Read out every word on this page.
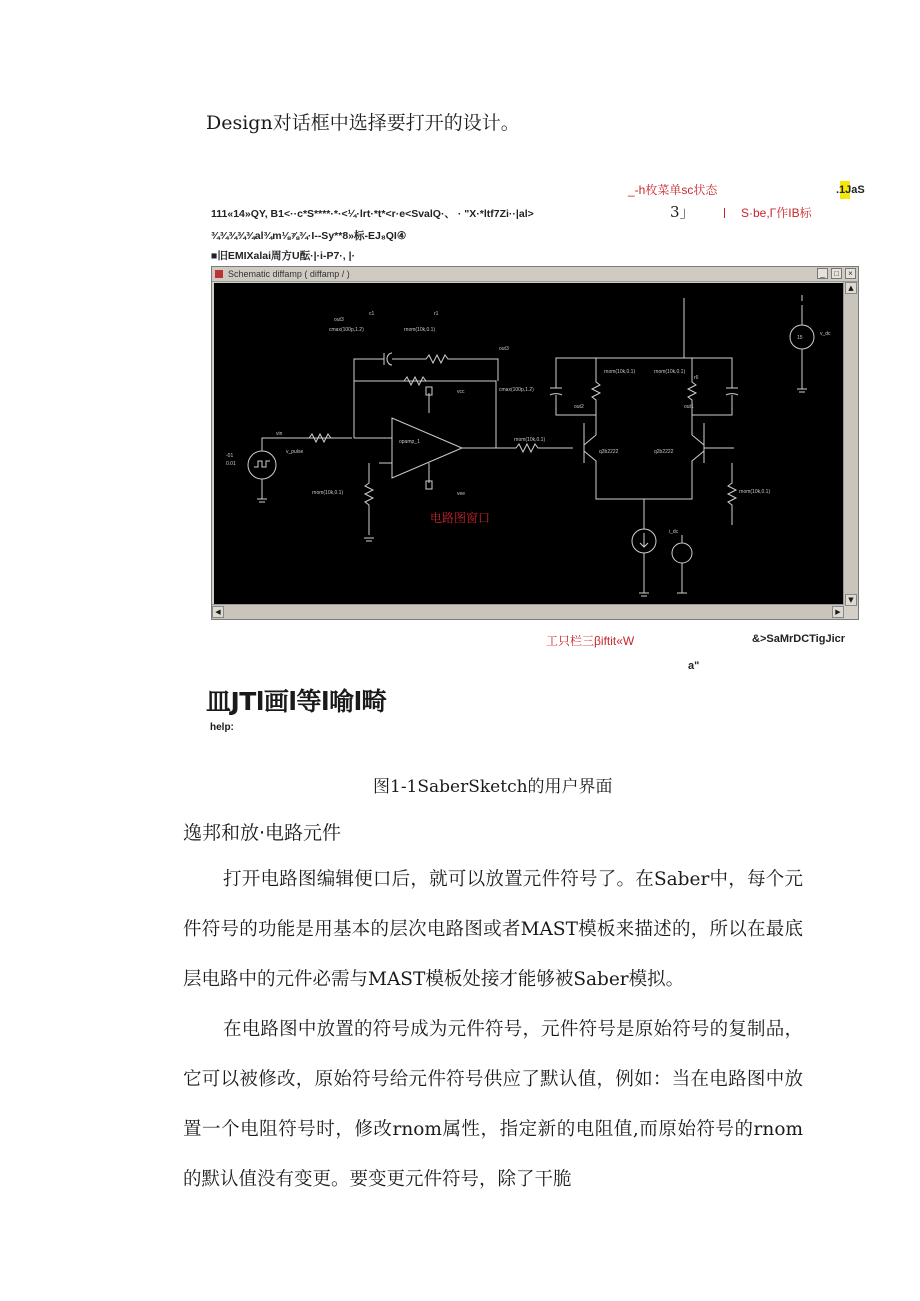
Design对话框中选择要打开的设计。
_-h枚菜单sc状态	.1JaS
111«14»QY, B1<··c*S****·*·<¼·lrt·*t*<r·e<SvalQ·、 · "X·*ltf7Zi··|al>	3」	S·be,Γ作IB标
¾¾¾¾¾al¾m⅛⅞¾·I--Sy**8»标-EJ₈QI④
■旧EMIXalai周方U酝·|·i-P7·, |·
Schematic diffamp ( diffamp / )	_	□	×
out3
cmax(100p,1.2)	rnom(10k,0.1)
c1	r1
out3
vin
v_pulse
-01
0.01
opamp_1
vcc
vee
rnom(10k,0.1)
rnom(10k,0.1)
cmax(100p,1.2)
out2	out1
q2b2222	q2b2222
rnom(10k,0.1)	rnom(10k,0.1)
r6
rnom(10k,0.1)
v_dc
15
i_dc
▲
▼
◀	▶
电路图窗口
工只栏三βiftit«W	&>SaMrDCTigJicr
a"
皿JTl画l等l喻l畸
help:
图1-1SaberSketch的用户界面
逸邦和放·电路元件
打开电路图编辑便口后，就可以放置元件符号了。在Saber中，每个元件符号的功能是用基本的层次电路图或者MAST模板来描述的，所以在最底层电路中的元件必需与MAST模板处接才能够被Saber模拟。
在电路图中放置的符号成为元件符号，元件符号是原始符号的复制品，它可以被修改，原始符号给元件符号供应了默认值，例如：当在电路图中放置一个电阻符号时，修改rnom属性，指定新的电阻值,而原始符号的rnom的默认值没有变更。要变更元件符号，除了干脆
